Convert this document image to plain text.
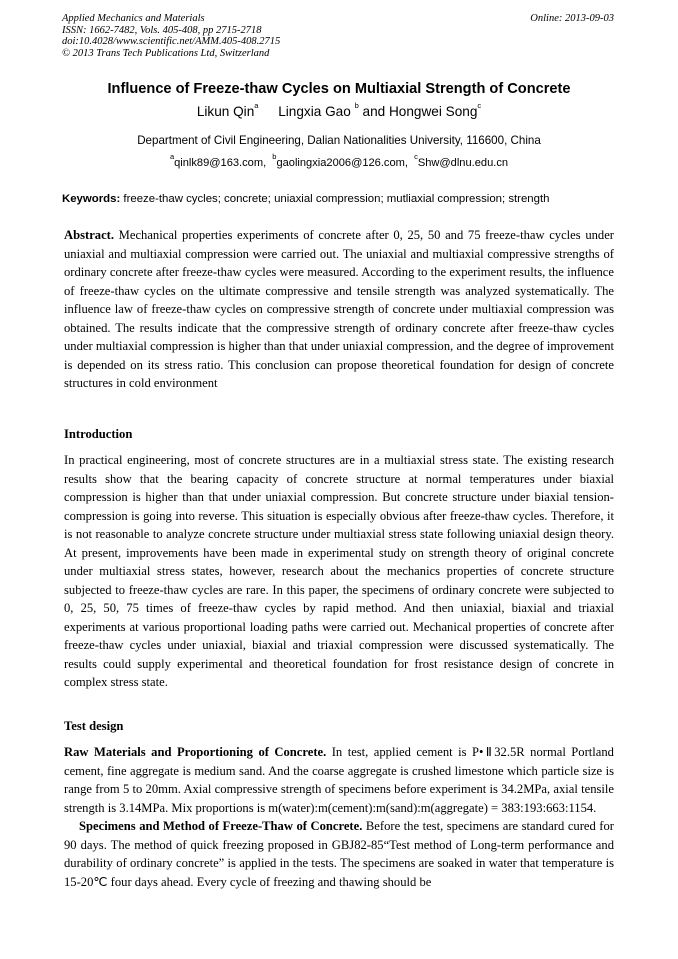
Applied Mechanics and Materials
ISSN: 1662-7482, Vols. 405-408, pp 2715-2718
doi:10.4028/www.scientific.net/AMM.405-408.2715
© 2013 Trans Tech Publications Ltd, Switzerland
Online: 2013-09-03
Influence of Freeze-thaw Cycles on Multiaxial Strength of Concrete
Likun Qin$^a$ Lingxia Gao $^b$ and Hongwei Song$^c$
Department of Civil Engineering, Dalian Nationalities University, 116600, China
$^a$qinlk89@163.com, $^b$gaolingxia2006@126.com, $^c$Shw@dlnu.edu.cn
Keywords: freeze-thaw cycles; concrete; uniaxial compression; mutliaxial compression; strength

Abstract. Mechanical properties experiments of concrete after 0, 25, 50 and 75 freeze-thaw cycles under uniaxial and multiaxial compression were carried out. The uniaxial and multiaxial compressive strengths of ordinary concrete after freeze-thaw cycles were measured. According to the experiment results, the influence of freeze-thaw cycles on the ultimate compressive and tensile strength was analyzed systematically. The influence law of freeze-thaw cycles on compressive strength of concrete under multiaxial compression was obtained. The results indicate that the compressive strength of ordinary concrete after freeze-thaw cycles under multiaxial compression is higher than that under uniaxial compression, and the degree of improvement is depended on its stress ratio. This conclusion can propose theoretical foundation for design of concrete structures in cold environment

Introduction

In practical engineering, most of concrete structures are in a multiaxial stress state. The existing research results show that the bearing capacity of concrete structure at normal temperatures under biaxial compression is higher than that under uniaxial compression. But concrete structure under biaxial tension-compression is going into reverse. This situation is especially obvious after freeze-thaw cycles. Therefore, it is not reasonable to analyze concrete structure under multiaxial stress state following uniaxial design theory. At present, improvements have been made in experimental study on strength theory of original concrete under multiaxial stress states, however, research about the mechanics properties of concrete structure subjected to freeze-thaw cycles are rare. In this paper, the specimens of ordinary concrete were subjected to 0, 25, 50, 75 times of freeze-thaw cycles by rapid method. And then uniaxial, biaxial and triaxial experiments at various proportional loading paths were carried out. Mechanical properties of concrete after freeze-thaw cycles under uniaxial, biaxial and triaxial compression were discussed systematically. The results could supply experimental and theoretical foundation for frost resistance design of concrete in complex stress state.

Test design

Raw Materials and Proportioning of Concrete. In test, applied cement is P•Ⅱ32.5R normal Portland cement, fine aggregate is medium sand. And the coarse aggregate is crushed limestone which particle size is range from 5 to 20mm. Axial compressive strength of specimens before experiment is 34.2MPa, axial tensile strength is 3.14MPa. Mix proportions is m(water):m(cement):m(sand):m(aggregate) = 383:193:663:1154.

Specimens and Method of Freeze-Thaw of Concrete. Before the test, specimens are standard cured for 90 days. The method of quick freezing proposed in GBJ82-85“Test method of Long-term performance and durability of ordinary concrete” is applied in the tests. The specimens are soaked in water that temperature is 15-20℃ four days ahead. Every cycle of freezing and thawing should be
